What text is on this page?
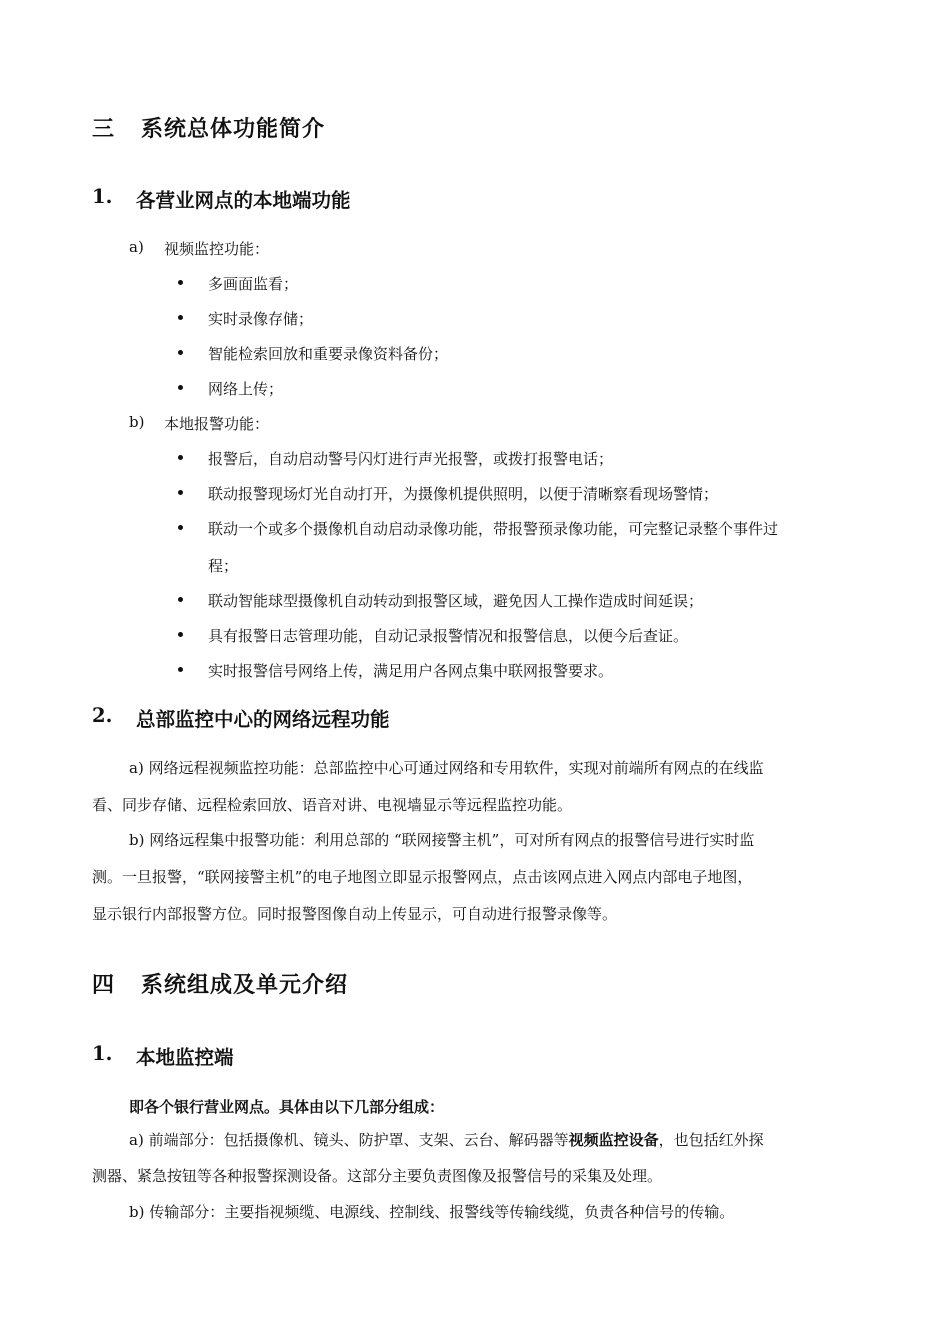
三 系统总体功能简介
1. 各营业网点的本地端功能
a) 视频监控功能：
多画面监看；
实时录像存储；
智能检索回放和重要录像资料备份；
网络上传；
b) 本地报警功能：
报警后，自动启动警号闪灯进行声光报警，或拨打报警电话；
联动报警现场灯光自动打开，为摄像机提供照明，以便于清晰察看现场警情；
联动一个或多个摄像机自动启动录像功能，带报警预录像功能，可完整记录整个事件过
程；
联动智能球型摄像机自动转动到报警区域，避免因人工操作造成时间延误；
具有报警日志管理功能，自动记录报警情况和报警信息，以便今后查证。
实时报警信号网络上传，满足用户各网点集中联网报警要求。
2. 总部监控中心的网络远程功能
a) 网络远程视频监控功能：总部监控中心可通过网络和专用软件，实现对前端所有网点的在线监
看、同步存储、远程检索回放、语音对讲、电视墙显示等远程监控功能。
b) 网络远程集中报警功能：利用总部的 “联网接警主机”，可对所有网点的报警信号进行实时监
测。一旦报警，“联网接警主机”的电子地图立即显示报警网点，点击该网点进入网点内部电子地图，
显示银行内部报警方位。同时报警图像自动上传显示，可自动进行报警录像等。
四 系统组成及单元介绍
1. 本地监控端
即各个银行营业网点。具体由以下几部分组成：
a) 前端部分：包括摄像机、镜头、防护罩、支架、云台、解码器等视频监控设备，也包括红外探
测器、紧急按钮等各种报警探测设备。这部分主要负责图像及报警信号的采集及处理。
b) 传输部分：主要指视频缆、电源线、控制线、报警线等传输线缆，负责各种信号的传输。
